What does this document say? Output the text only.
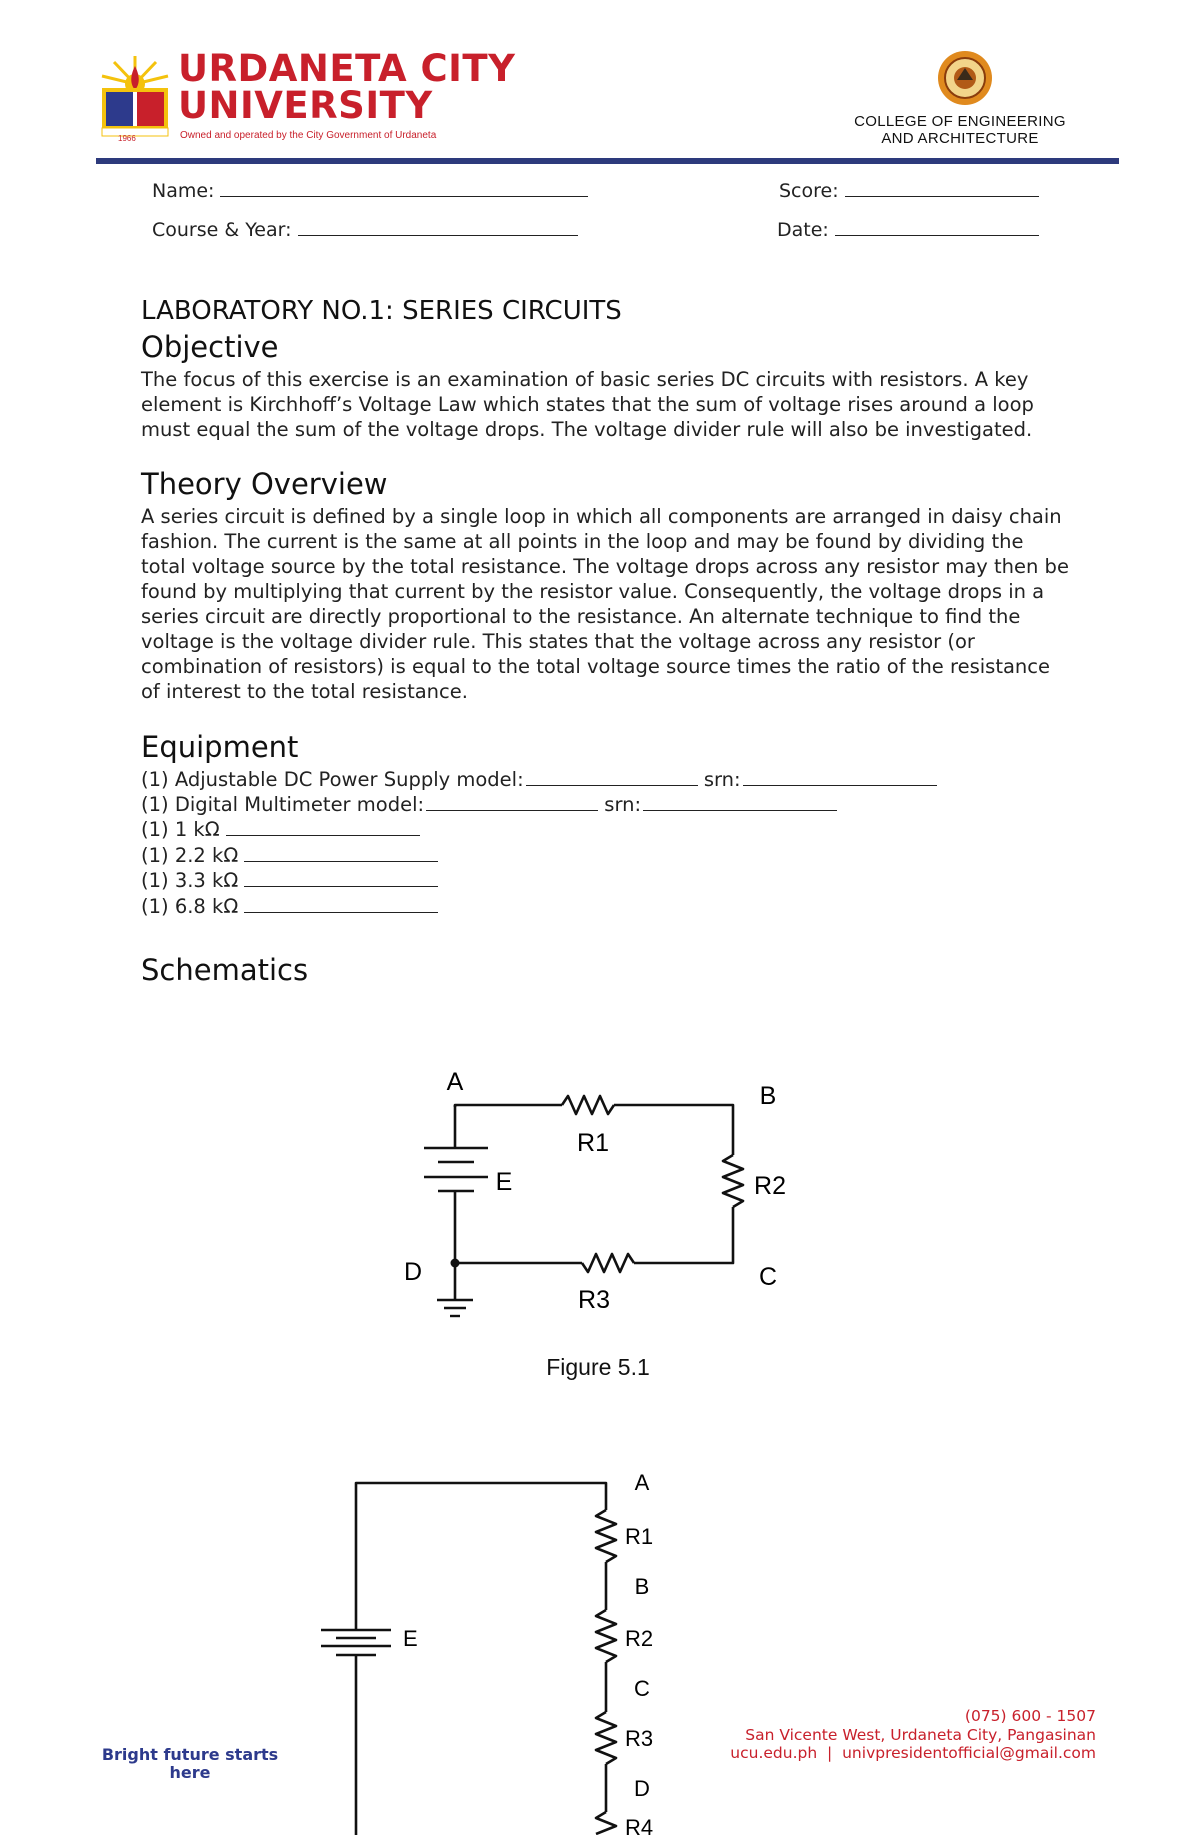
1966
URDANETA CITY
UNIVERSITY
Owned and operated by the City Government of Urdaneta
COLLEGE OF ENGINEERING
AND ARCHITECTURE
Name:	Score:
Course & Year:	Date:
LABORATORY NO.1: SERIES CIRCUITS
Objective
The focus of this exercise is an examination of basic series DC circuits with resistors. A key element is Kirchhoff’s Voltage Law which states that the sum of voltage rises around a loop must equal the sum of the voltage drops. The voltage divider rule will also be investigated.
Theory Overview
A series circuit is defined by a single loop in which all components are arranged in daisy chain fashion. The current is the same at all points in the loop and may be found by dividing the total voltage source by the total resistance. The voltage drops across any resistor may then be found by multiplying that current by the resistor value. Consequently, the voltage drops in a series circuit are directly proportional to the resistance. An alternate technique to find the voltage is the voltage divider rule. This states that the voltage across any resistor (or combination of resistors) is equal to the total voltage source times the ratio of the resistance of interest to the total resistance.
Equipment
(1) Adjustable DC Power Supply model:	srn:
(1) Digital Multimeter model:	srn:
(1) 1 kΩ
(1) 2.2 kΩ
(1) 3.3 kΩ
(1) 6.8 kΩ
Schematics
A	B
C
D
R1
R2
R3
E
Figure 5.1
E
A
R1
B
R2
C
R3
D
R4
Bright future starts here
(075) 600 - 1507
San Vicente West, Urdaneta City, Pangasinan
ucu.edu.ph  |  univpresidentofficial@gmail.com
